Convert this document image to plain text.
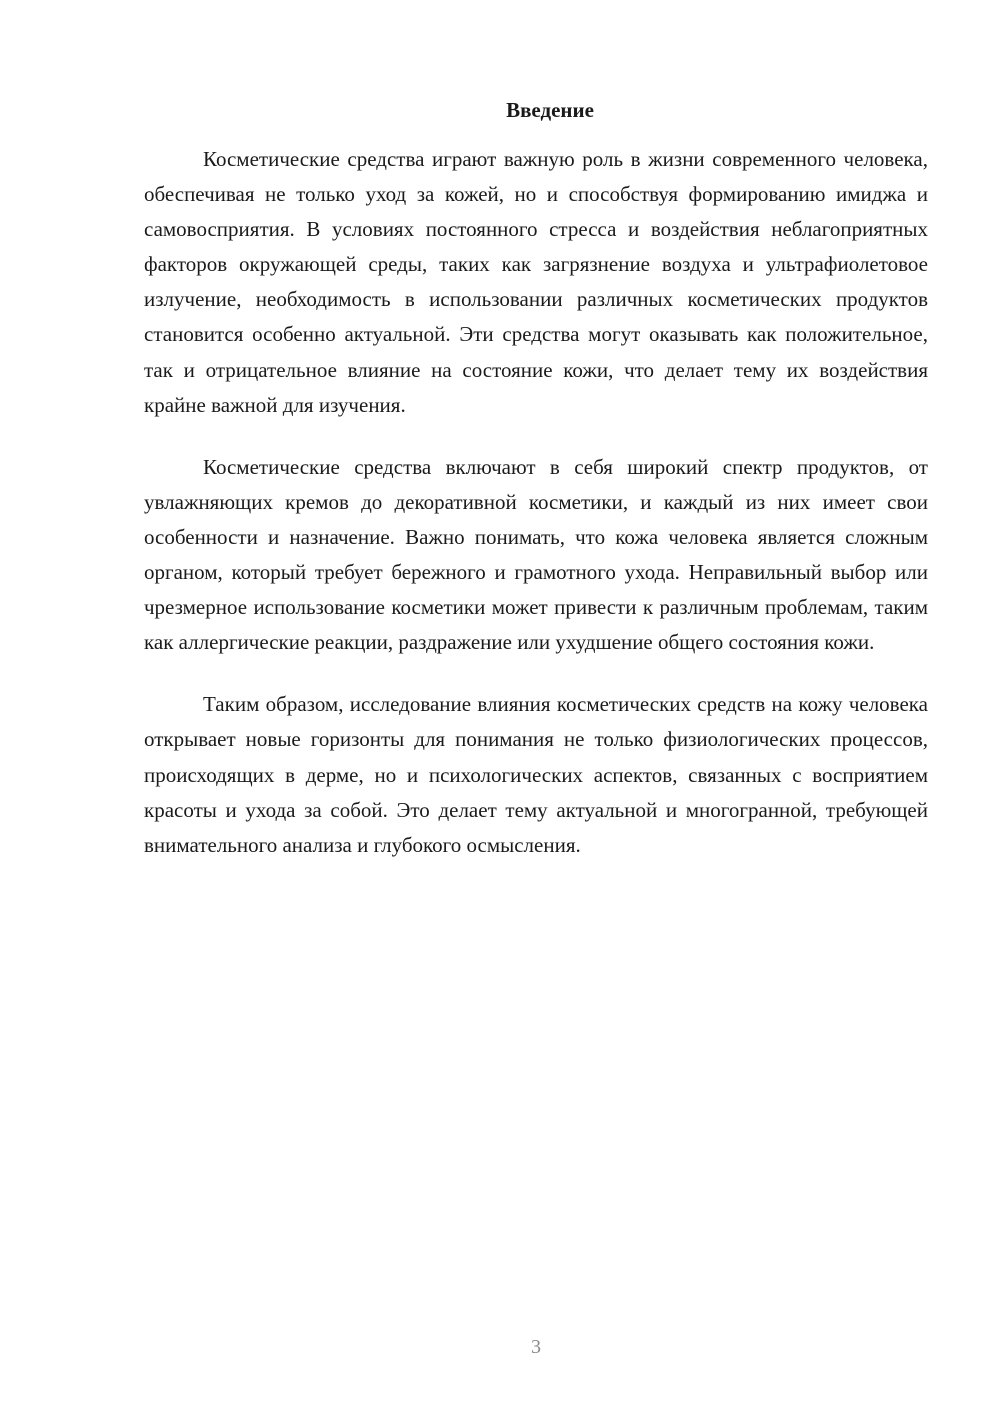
Введение

Косметические средства играют важную роль в жизни современного человека, обеспечивая не только уход за кожей, но и способствуя формированию имиджа и самовосприятия. В условиях постоянного стресса и воздействия неблагоприятных факторов окружающей среды, таких как загрязнение воздуха и ультрафиолетовое излучение, необходимость в использовании различных косметических продуктов становится особенно актуальной. Эти средства могут оказывать как положительное, так и отрицательное влияние на состояние кожи, что делает тему их воздействия крайне важной для изучения.

Косметические средства включают в себя широкий спектр продуктов, от увлажняющих кремов до декоративной косметики, и каждый из них имеет свои особенности и назначение. Важно понимать, что кожа человека является сложным органом, который требует бережного и грамотного ухода. Неправильный выбор или чрезмерное использование косметики может привести к различным проблемам, таким как аллергические реакции, раздражение или ухудшение общего состояния кожи.

Таким образом, исследование влияния косметических средств на кожу человека открывает новые горизонты для понимания не только физиологических процессов, происходящих в дерме, но и психологических аспектов, связанных с восприятием красоты и ухода за собой. Это делает тему актуальной и многогранной, требующей внимательного анализа и глубокого осмысления.

3
